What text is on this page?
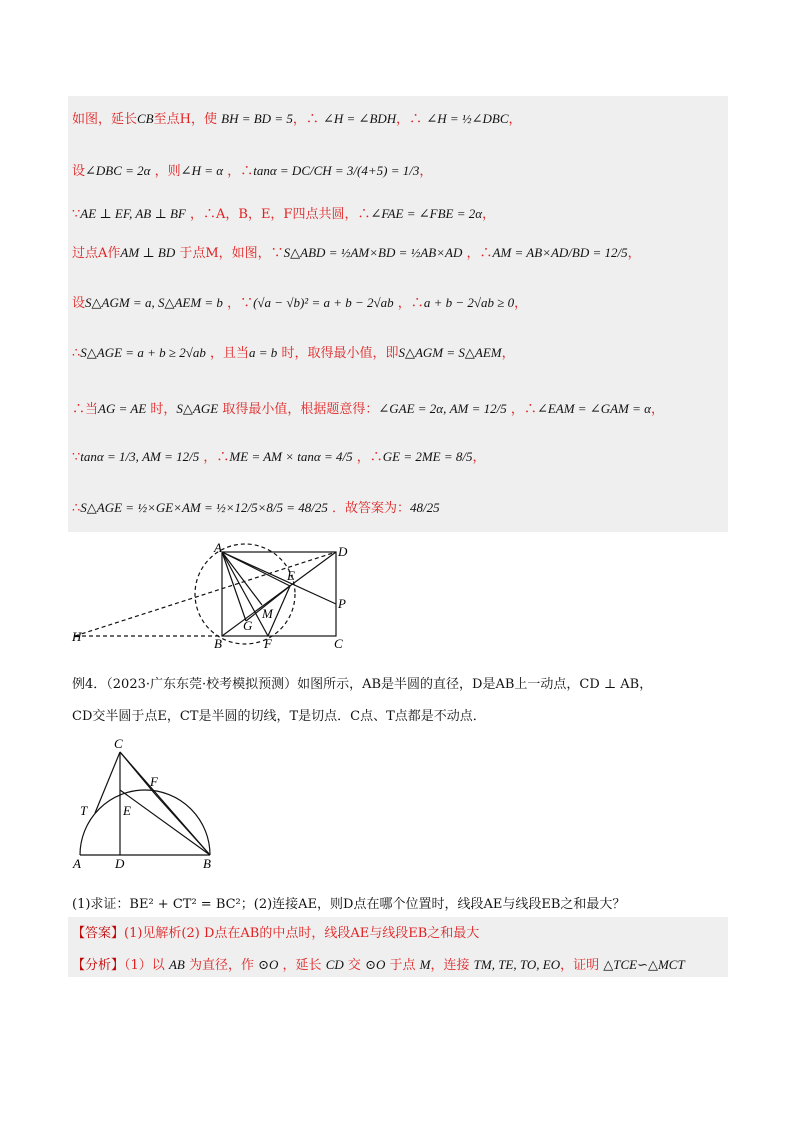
如图，延长CB至点H，使 BH = BD = 5，∴ ∠H = ∠BDH，∴ ∠H = ½∠DBC，
设∠DBC = 2α ，则∠H = α ，∴tanα = DC/CH = 3/(4+5) = 1/3，
∵AE ⊥ EF, AB ⊥ BF ，∴A，B，E，F四点共圆，∴∠FAE = ∠FBE = 2α，
过点A作AM ⊥ BD 于点M，如图，∵S△ABD = ½AM×BD = ½AB×AD ，∴AM = AB×AD/BD = 12/5，
设S△AGM = a, S△AEM = b ，∵(√a − √b)² = a + b − 2√ab ，∴a + b − 2√ab ≥ 0，
∴S△AGE = a + b ≥ 2√ab ，且当a = b 时，取得最小值，即S△AGM = S△AEM，
∴当AG = AE 时，S△AGE 取得最小值，根据题意得：∠GAE = 2α, AM = 12/5 ，∴∠EAM = ∠GAM = α，
∵tanα = 1/3, AM = 12/5 ，∴ME = AM × tanα = 4/5 ，∴GE = 2ME = 8/5，
∴S△AGE = ½×GE×AM = ½×12/5×8/5 = 48/25 ．故答案为：48/25
A	D
E
P
M
G
B	F	C
H
例4．（2023·广东东莞·校考模拟预测）如图所示，AB是半圆的直径，D是AB上一动点，CD ⊥ AB，
CD交半圆于点E，CT是半圆的切线，T是切点．C点、T点都是不动点．
C
F
T	E
A	D	B
(1)求证：BE² + CT² = BC²；(2)连接AE，则D点在哪个位置时，线段AE与线段EB之和最大？
【答案】(1)见解析(2) D点在AB的中点时，线段AE与线段EB之和最大
【分析】（1）以 AB 为直径，作 ⊙O ，延长 CD 交 ⊙O 于点 M，连接 TM, TE, TO, EO，证明 △TCE∽△MCT
